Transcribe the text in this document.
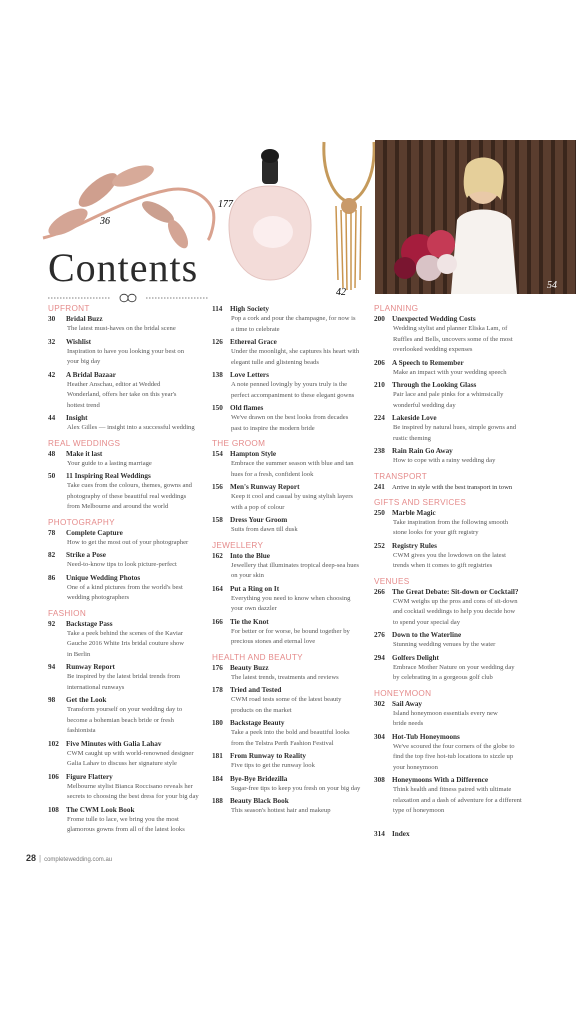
36
177
42
54
Contents
UPFRONT
30 Bridal Buzz
The latest must-haves on the bridal scene
32 Wishlist
Inspiration to have you looking your best on
your big day
42 A Bridal Bazaar
Heather Anschau, editor at Wedded
Wonderland, offers her take on this year's
hottest trend
44 Insight
Alex Gilles — insight into a successful wedding
REAL WEDDINGS
48 Make it last
Your guide to a lasting marriage
50 11 Inspiring Real Weddings
Take cues from the colours, themes, gowns and
photography of these beautiful real weddings
from Melbourne and around the world
PHOTOGRAPHY
78 Complete Capture
How to get the most out of your photographer
82 Strike a Pose
Need-to-know tips to look picture-perfect
86 Unique Wedding Photos
One of a kind pictures from the world's best
wedding photographers
FASHION
92 Backstage Pass
Take a peek behind the scenes of the Kaviar
Gauche 2016 White Iris bridal couture show
in Berlin
94 Runway Report
Be inspired by the latest bridal trends from
international runways
98 Get the Look
Transform yourself on your wedding day to
become a bohemian beach bride or fresh
fashionista
102 Five Minutes with Galia Lahav
CWM caught up with world-renowned designer
Galia Lahav to discuss her signature style
106 Figure Flattery
Melbourne stylist Bianca Roccisano reveals her
secrets to choosing the best dress for your big day
108 The CWM Look Book
Frome tulle to lace, we bring you the most
glamorous gowns from all of the latest looks
114 High Society
Pop a cork and pour the champagne, for now is
a time to celebrate
126 Ethereal Grace
Under the moonlight, she captures his heart with
elegant tulle and glistening beads
138 Love Letters
A note penned lovingly by yours truly is the
perfect accompaniment to these elegant gowns
150 Old flames
We've drawn on the best looks from decades
past to inspire the modern bride
THE GROOM
154 Hampton Style
Embrace the summer season with blue and tan
hues for a fresh, confident look
156 Men's Runway Report
Keep it cool and casual by using stylish layers
with a pop of colour
158 Dress Your Groom
Suits from dawn till dusk
JEWELLERY
162 Into the Blue
Jewellery that illuminates tropical deep-sea hues
on your skin
164 Put a Ring on It
Everything you need to know when choosing
your own dazzler
166 Tie the Knot
For better or for worse, be bound together by
precious stones and eternal love
HEALTH AND BEAUTY
176 Beauty Buzz
The latest trends, treatments and reviews
178 Tried and Tested
CWM road tests some of the latest beauty
products on the market
180 Backstage Beauty
Take a peek into the bold and beautiful looks
from the Telstra Perth Fashion Festival
181 From Runway to Reality
Five tips to get the runway look
184 Bye-Bye Bridezilla
Sugar-free tips to keep you fresh on your big day
188 Beauty Black Book
This season's hottest hair and makeup
PLANNING
200 Unexpected Wedding Costs
Wedding stylist and planner Eliska Lam, of
Ruffles and Bells, uncovers some of the most
overlooked wedding expenses
206 A Speech to Remember
Make an impact with your wedding speech
210 Through the Looking Glass
Pair lace and pale pinks for a whimsically
wonderful wedding day
224 Lakeside Love
Be inspired by natural hues, simple gowns and
rustic theming
238 Rain Rain Go Away
How to cope with a rainy wedding day
TRANSPORT
241 Arrive in style with the best transport in town
GIFTS AND SERVICES
250 Marble Magic
Take inspiration from the following smooth
stone looks for your gift registry
252 Registry Rules
CWM gives you the lowdown on the latest
trends when it comes to gift registries
VENUES
266 The Great Debate: Sit-down or Cocktail?
CWM weighs up the pros and cons of sit-down
and cocktail weddings to help you decide how
to spend your special day
276 Down to the Waterline
Stunning wedding venues by the water
294 Golfers Delight
Embrace Mother Nature on your wedding day
by celebrating in a gorgeous golf club
HONEYMOON
302 Sail Away
Island honeymoon essentials every new
bride needs
304 Hot-Tub Honeymoons
We've scoured the four corners of the globe to
find the top five hot-tub locations to sizzle up
your honeymoon
308 Honeymoons With a Difference
Think health and fitness paired with ultimate
relaxation and a dash of adventure for a different
type of honeymoon
314 Index
28 | completewedding.com.au
